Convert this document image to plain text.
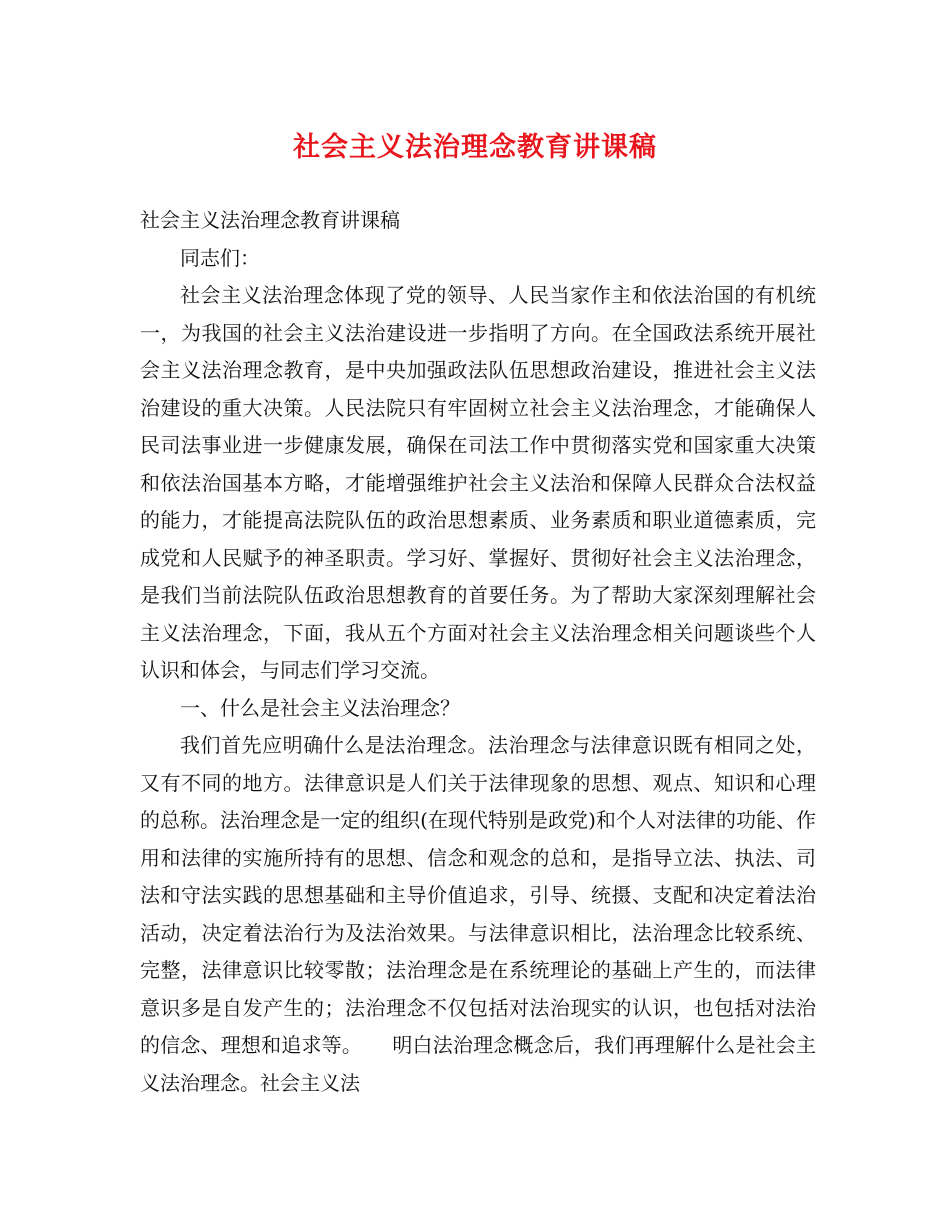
社会主义法治理念教育讲课稿

社会主义法治理念教育讲课稿

同志们：

社会主义法治理念体现了党的领导、人民当家作主和依法治国的有机统一，为我国的社会主义法治建设进一步指明了方向。在全国政法系统开展社会主义法治理念教育，是中央加强政法队伍思想政治建设，推进社会主义法治建设的重大决策。人民法院只有牢固树立社会主义法治理念，才能确保人民司法事业进一步健康发展，确保在司法工作中贯彻落实党和国家重大决策和依法治国基本方略，才能增强维护社会主义法治和保障人民群众合法权益的能力，才能提高法院队伍的政治思想素质、业务素质和职业道德素质，完成党和人民赋予的神圣职责。学习好、掌握好、贯彻好社会主义法治理念，是我们当前法院队伍政治思想教育的首要任务。为了帮助大家深刻理解社会主义法治理念，下面，我从五个方面对社会主义法治理念相关问题谈些个人认识和体会，与同志们学习交流。

一、什么是社会主义法治理念？

我们首先应明确什么是法治理念。法治理念与法律意识既有相同之处，又有不同的地方。法律意识是人们关于法律现象的思想、观点、知识和心理的总称。法治理念是一定的组织(在现代特别是政党)和个人对法律的功能、作用和法律的实施所持有的思想、信念和观念的总和，是指导立法、执法、司法和守法实践的思想基础和主导价值追求，引导、统摄、支配和决定着法治活动，决定着法治行为及法治效果。与法律意识相比，法治理念比较系统、完整，法律意识比较零散；法治理念是在系统理论的基础上产生的，而法律意识多是自发产生的；法治理念不仅包括对法治现实的认识，也包括对法治的信念、理想和追求等。　　明白法治理念概念后，我们再理解什么是社会主义法治理念。社会主义法
